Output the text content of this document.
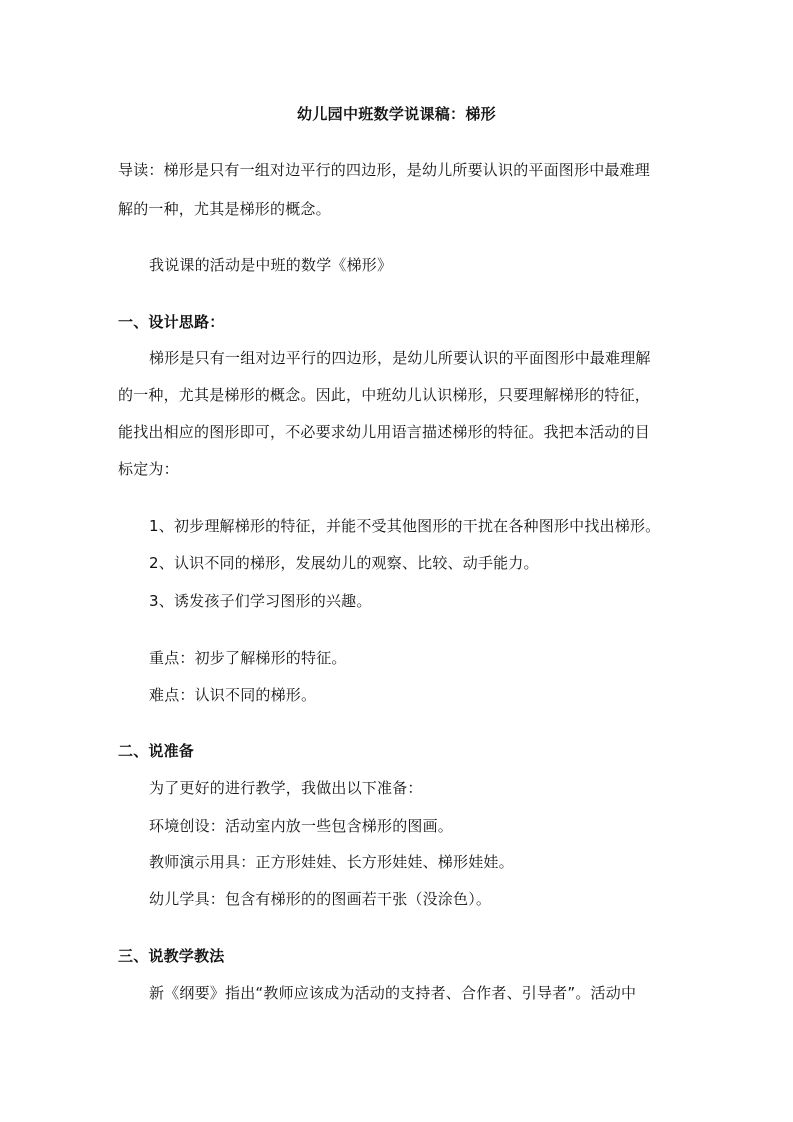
幼儿园中班数学说课稿：梯形
导读：梯形是只有一组对边平行的四边形，是幼儿所要认识的平面图形中最难理
解的一种，尤其是梯形的概念。
我说课的活动是中班的数学《梯形》
一、设计思路：
梯形是只有一组对边平行的四边形，是幼儿所要认识的平面图形中最难理解
的一种，尤其是梯形的概念。因此，中班幼儿认识梯形，只要理解梯形的特征，
能找出相应的图形即可，不必要求幼儿用语言描述梯形的特征。我把本活动的目
标定为：
1、初步理解梯形的特征，并能不受其他图形的干扰在各种图形中找出梯形。
2、认识不同的梯形，发展幼儿的观察、比较、动手能力。
3、诱发孩子们学习图形的兴趣。
重点：初步了解梯形的特征。
难点：认识不同的梯形。
二、说准备
为了更好的进行教学，我做出以下准备：
环境创设：活动室内放一些包含梯形的图画。
教师演示用具：正方形娃娃、长方形娃娃、梯形娃娃。
幼儿学具：包含有梯形的的图画若干张（没涂色）。
三、说教学教法
新《纲要》指出“教师应该成为活动的支持者、合作者、引导者”。活动中
